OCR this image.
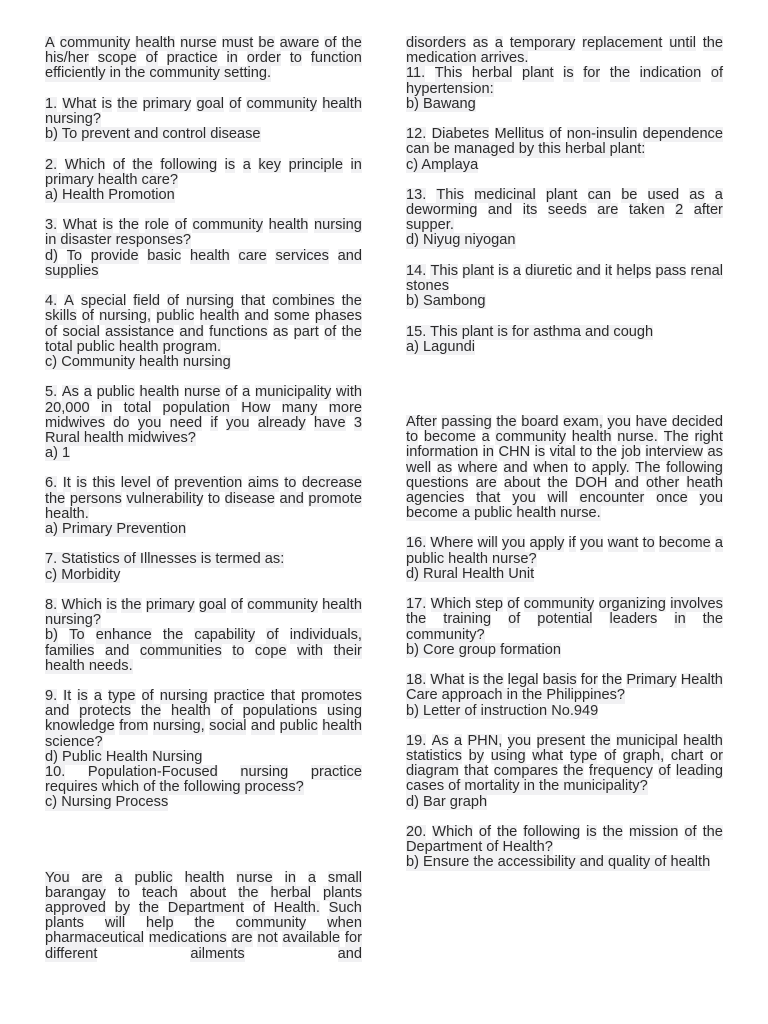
A community health nurse must be aware of the
his/her scope of practice in order to function
efficiently in the community setting.
1. What is the primary goal of community health
nursing?
b) To prevent and control disease
2. Which of the following is a key principle in
primary health care?
a) Health Promotion
3. What is the role of community health nursing
in disaster responses?
d) To provide basic health care services and
supplies
4. A special field of nursing that combines the
skills of nursing, public health and some phases
of social assistance and functions as part of the
total public health program.
c) Community health nursing
5. As a public health nurse of a municipality with
20,000 in total population How many more
midwives do you need if you already have 3
Rural health midwives?
a) 1
6. It is this level of prevention aims to decrease
the persons vulnerability to disease and promote
health.
a) Primary Prevention
7. Statistics of Illnesses is termed as:
c) Morbidity
8. Which is the primary goal of community health
nursing?
b) To enhance the capability of individuals,
families and communities to cope with their
health needs.
9. It is a type of nursing practice that promotes
and protects the health of populations using
knowledge from nursing, social and public health
science?
d) Public Health Nursing
10. Population-Focused nursing practice
requires which of the following process?
c) Nursing Process
You are a public health nurse in a small
barangay to teach about the herbal plants
approved by the Department of Health. Such
plants will help the community when
pharmaceutical medications are not available for
different	ailments	and
disorders as a temporary replacement until the
medication arrives.
11. This herbal plant is for the indication of
hypertension:
b) Bawang
12. Diabetes Mellitus of non-insulin dependence
can be managed by this herbal plant:
c) Amplaya
13. This medicinal plant can be used as a
deworming and its seeds are taken 2 after
supper.
d) Niyug niyogan
14. This plant is a diuretic and it helps pass renal
stones
b) Sambong
15. This plant is for asthma and cough
a) Lagundi
After passing the board exam, you have decided
to become a community health nurse. The right
information in CHN is vital to the job interview as
well as where and when to apply. The following
questions are about the DOH and other heath
agencies that you will encounter once you
become a public health nurse.
16. Where will you apply if you want to become a
public health nurse?
d) Rural Health Unit
17. Which step of community organizing involves
the training of potential leaders in the
community?
b) Core group formation
18. What is the legal basis for the Primary Health
Care approach in the Philippines?
b) Letter of instruction No.949
19. As a PHN, you present the municipal health
statistics by using what type of graph, chart or
diagram that compares the frequency of leading
cases of mortality in the municipality?
d) Bar graph
20. Which of the following is the mission of the
Department of Health?
b) Ensure the accessibility and quality of health
